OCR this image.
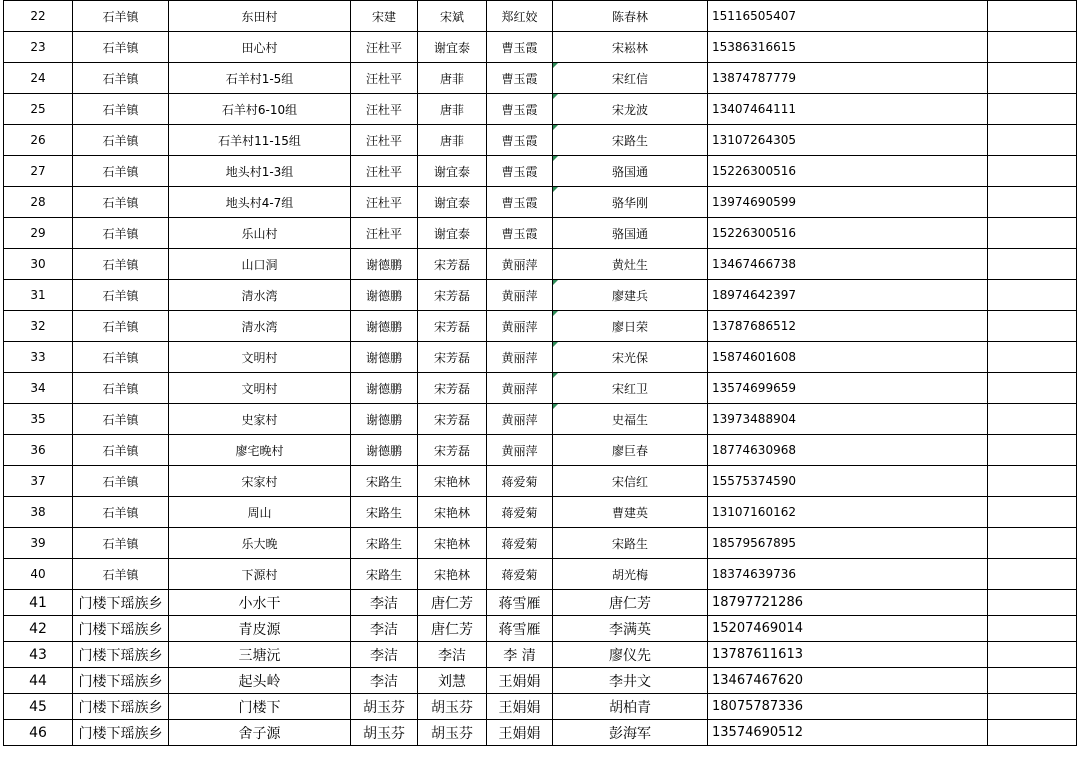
22	石羊镇	东田村	宋建	宋斌	郑红姣	陈春林	15116505407	
23	石羊镇	田心村	汪杜平	谢宜泰	曹玉霞	宋崧林	15386316615	
24	石羊镇	石羊村1-5组	汪杜平	唐菲	曹玉霞	宋红信	13874787779	
25	石羊镇	石羊村6-10组	汪杜平	唐菲	曹玉霞	宋龙波	13407464111	
26	石羊镇	石羊村11-15组	汪杜平	唐菲	曹玉霞	宋路生	13107264305	
27	石羊镇	地头村1-3组	汪杜平	谢宜泰	曹玉霞	骆国通	15226300516	
28	石羊镇	地头村4-7组	汪杜平	谢宜泰	曹玉霞	骆华刚	13974690599	
29	石羊镇	乐山村	汪杜平	谢宜泰	曹玉霞	骆国通	15226300516	
30	石羊镇	山口洞	谢德鹏	宋芳磊	黄丽萍	黄灶生	13467466738	
31	石羊镇	清水湾	谢德鹏	宋芳磊	黄丽萍	廖建兵	18974642397	
32	石羊镇	清水湾	谢德鹏	宋芳磊	黄丽萍	廖日荣	13787686512	
33	石羊镇	文明村	谢德鹏	宋芳磊	黄丽萍	宋光保	15874601608	
34	石羊镇	文明村	谢德鹏	宋芳磊	黄丽萍	宋红卫	13574699659	
35	石羊镇	史家村	谢德鹏	宋芳磊	黄丽萍	史福生	13973488904	
36	石羊镇	廖宅晚村	谢德鹏	宋芳磊	黄丽萍	廖巨春	18774630968	
37	石羊镇	宋家村	宋路生	宋艳林	蒋爱菊	宋信红	15575374590	
38	石羊镇	周山	宋路生	宋艳林	蒋爱菊	曹建英	13107160162	
39	石羊镇	乐大晚	宋路生	宋艳林	蒋爱菊	宋路生	18579567895	
40	石羊镇	下源村	宋路生	宋艳林	蒋爱菊	胡光梅	18374639736	
41	门楼下瑶族乡	小水干	李洁	唐仁芳	蒋雪雁	唐仁芳	18797721286	
42	门楼下瑶族乡	青皮源	李洁	唐仁芳	蒋雪雁	李满英	15207469014	
43	门楼下瑶族乡	三塘沅	李洁	李洁	李 清	廖仪先	13787611613	
44	门楼下瑶族乡	起头岭	李洁	刘慧	王娟娟	李井文	13467467620	
45	门楼下瑶族乡	门楼下	胡玉芬	胡玉芬	王娟娟	胡柏青	18075787336	
46	门楼下瑶族乡	舍子源	胡玉芬	胡玉芬	王娟娟	彭海军	13574690512	
